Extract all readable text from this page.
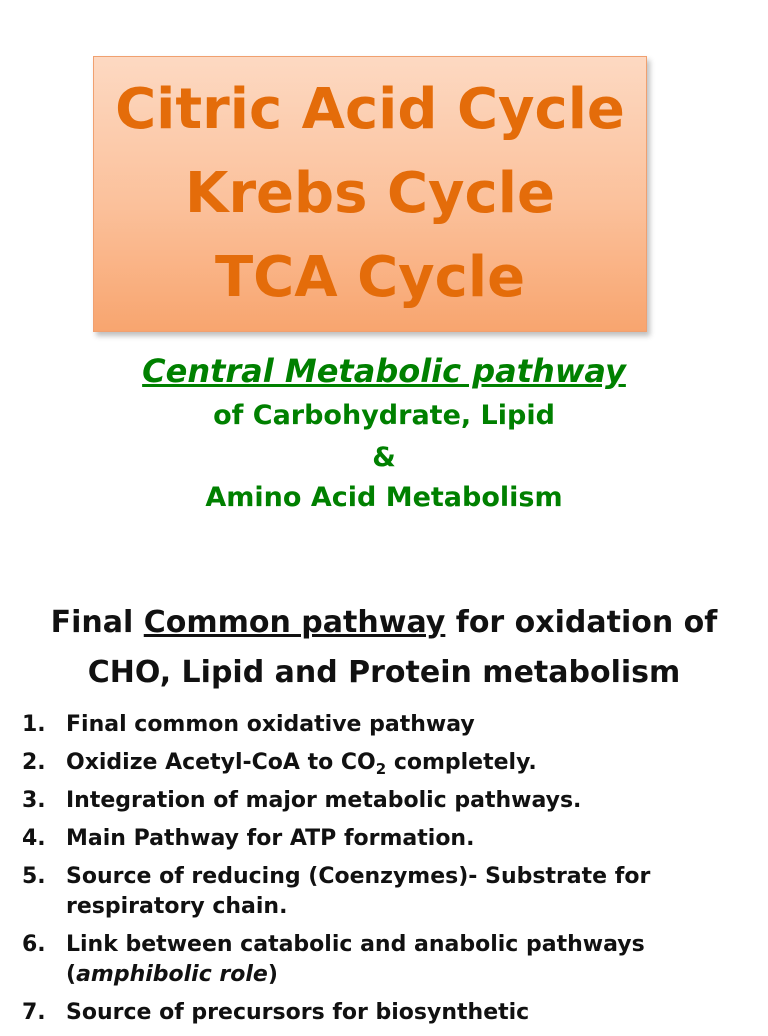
Citric Acid Cycle
Krebs Cycle
TCA Cycle
Central Metabolic pathway
of Carbohydrate, Lipid
&
Amino Acid Metabolism
Final Common pathway for oxidation of
CHO, Lipid and Protein metabolism
1. Final common oxidative pathway
2. Oxidize Acetyl-CoA to $CO_2$ completely.
3. Integration of major metabolic pathways.
4. Main Pathway for ATP formation.
5. Source of reducing (Coenzymes)- Substrate for
respiratory chain.
6. Link between catabolic and anabolic pathways
(amphibolic role)
7. Source of precursors for biosynthetic
